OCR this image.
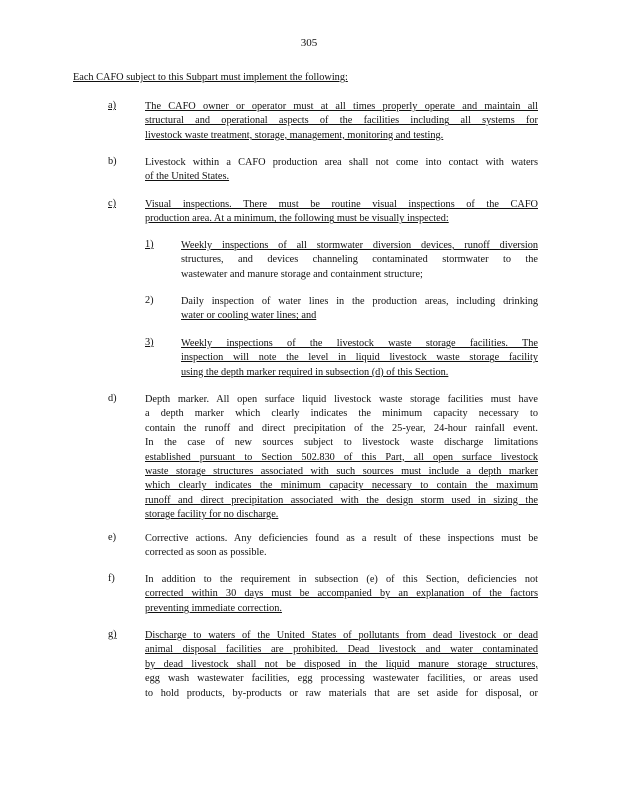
305
Each CAFO subject to this Subpart must implement the following:
a)	The CAFO owner or operator must at all times properly operate and maintain all
structural and operational aspects of the facilities including all systems for
livestock waste treatment, storage, management, monitoring and testing.
b)	Livestock within a CAFO production area shall not come into contact with waters
of the United States.
c)	Visual inspections. There must be routine visual inspections of the CAFO
production area. At a minimum, the following must be visually inspected:
1)	Weekly inspections of all stormwater diversion devices, runoff diversion
structures, and devices channeling contaminated stormwater to the
wastewater and manure storage and containment structure;
2)	Daily inspection of water lines in the production areas, including drinking
water or cooling water lines; and
3)	Weekly inspections of the livestock waste storage facilities. The
inspection will note the level in liquid livestock waste storage facility
using the depth marker required in subsection (d) of this Section.
d)	Depth marker. All open surface liquid livestock waste storage facilities must have
a depth marker which clearly indicates the minimum capacity necessary to
contain the runoff and direct precipitation of the 25-year, 24-hour rainfall event.
In the case of new sources subject to livestock waste discharge limitations
established pursuant to Section 502.830 of this Part, all open surface livestock
waste storage structures associated with such sources must include a depth marker
which clearly indicates the minimum capacity necessary to contain the maximum
runoff and direct precipitation associated with the design storm used in sizing the
storage facility for no discharge.
e)	Corrective actions. Any deficiencies found as a result of these inspections must be
corrected as soon as possible.
f)	In addition to the requirement in subsection (e) of this Section, deficiencies not
corrected within 30 days must be accompanied by an explanation of the factors
preventing immediate correction.
g)	Discharge to waters of the United States of pollutants from dead livestock or dead
animal disposal facilities are prohibited. Dead livestock and water contaminated
by dead livestock shall not be disposed in the liquid manure storage structures,
egg wash wastewater facilities, egg processing wastewater facilities, or areas used
to hold products, by-products or raw materials that are set aside for disposal, or
